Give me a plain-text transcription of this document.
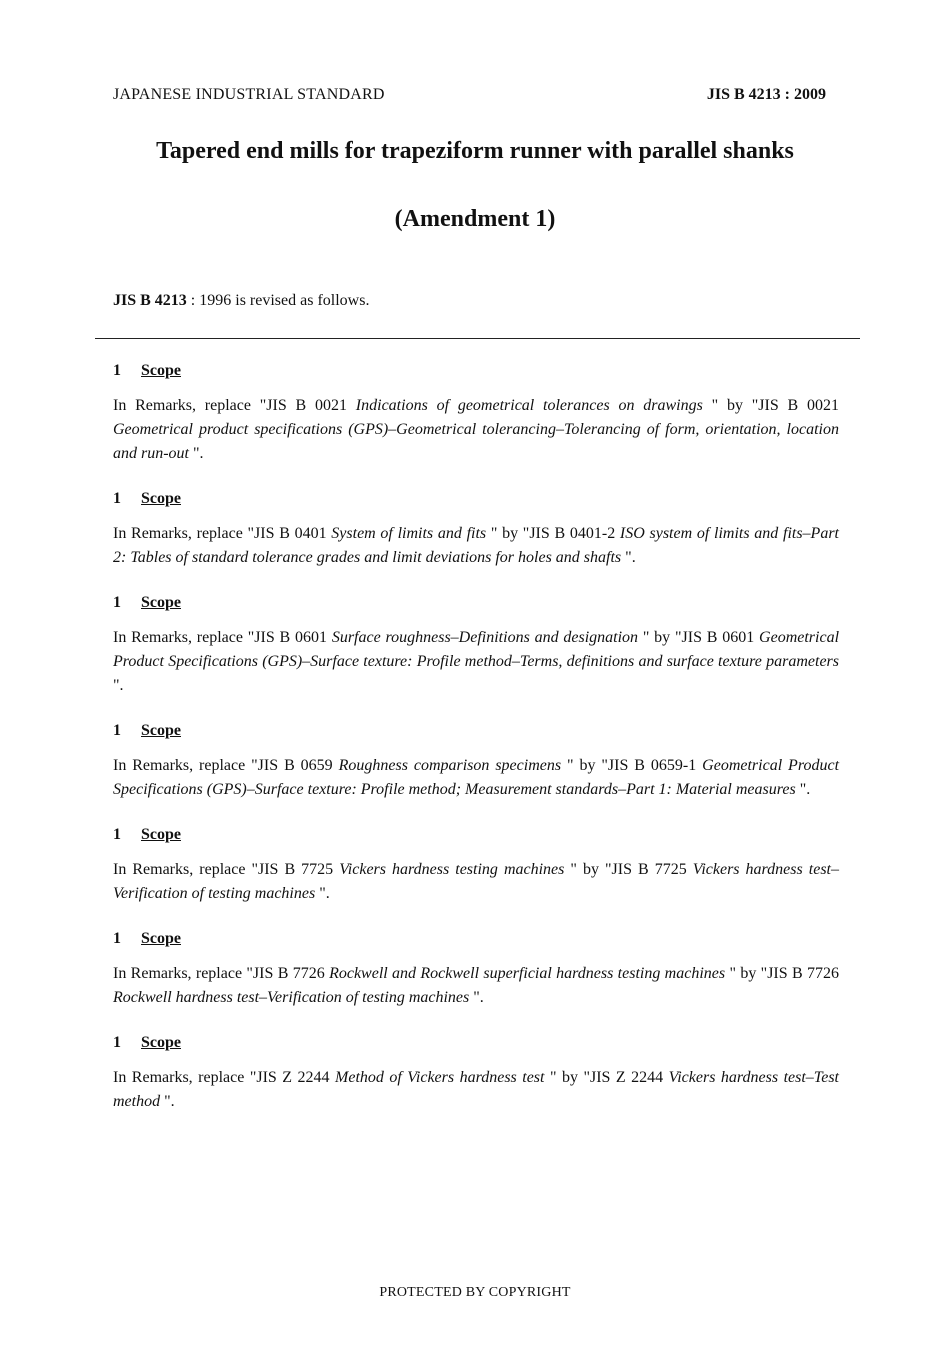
JAPANESE INDUSTRIAL STANDARD	JIS B 4213 : 2009
Tapered end mills for trapeziform runner with parallel shanks
(Amendment 1)
JIS B 4213 : 1996 is revised as follows.
1 Scope

In Remarks, replace "JIS B 0021 Indications of geometrical tolerances on drawings " by "JIS B 0021 Geometrical product specifications (GPS)–Geometrical tolerancing–Tolerancing of form, orientation, location and run-out ".

1 Scope

In Remarks, replace "JIS B 0401 System of limits and fits " by "JIS B 0401-2 ISO system of limits and fits–Part 2: Tables of standard tolerance grades and limit deviations for holes and shafts ".

1 Scope

In Remarks, replace "JIS B 0601 Surface roughness–Definitions and designation " by "JIS B 0601 Geometrical Product Specifications (GPS)–Surface texture: Profile method–Terms, definitions and surface texture parameters ".

1 Scope

In Remarks, replace "JIS B 0659 Roughness comparison specimens " by "JIS B 0659-1 Geometrical Product Specifications (GPS)–Surface texture: Profile method; Measurement standards–Part 1: Material measures ".

1 Scope

In Remarks, replace "JIS B 7725 Vickers hardness testing machines " by "JIS B 7725 Vickers hardness test–Verification of testing machines ".

1 Scope

In Remarks, replace "JIS B 7726 Rockwell and Rockwell superficial hardness testing machines " by "JIS B 7726 Rockwell hardness test–Verification of testing machines ".

1 Scope

In Remarks, replace "JIS Z 2244 Method of Vickers hardness test " by "JIS Z 2244 Vickers hardness test–Test method ".

PROTECTED BY COPYRIGHT
